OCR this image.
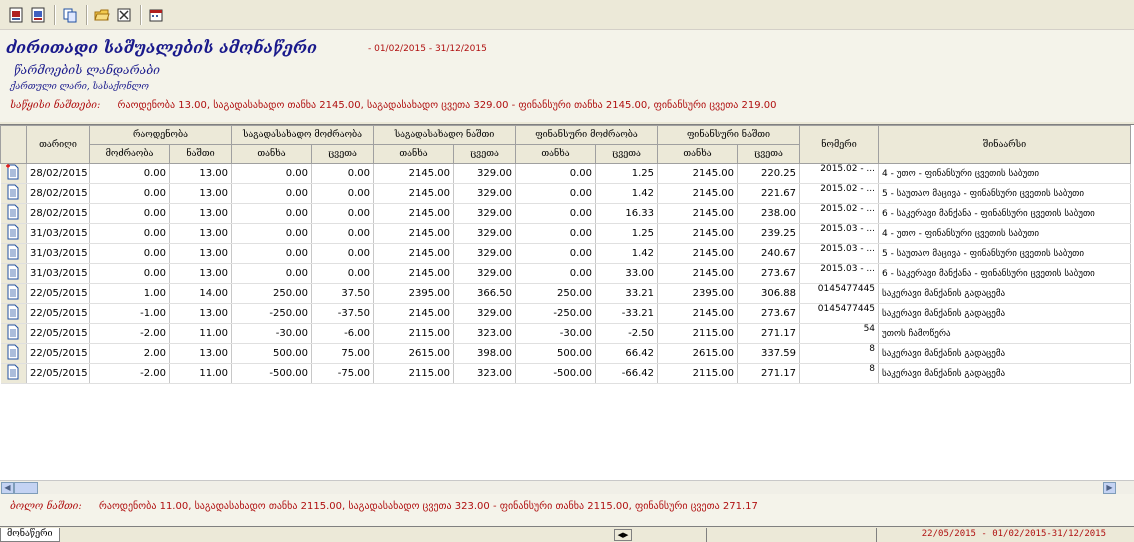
ძირითადი საშუალების ამონაწერი	- 01/02/2015 - 31/12/2015
წარმოების ლანდარაბი
ქართული ლარი, სასაქონლო
საწყისი ნაშთები: რაოდენობა 13.00, საგადასახადო თანხა 2145.00, საგადასახადო ცვეთა 329.00 - ფინანსური თანხა 2145.00, ფინანსური ცვეთა 219.00
	თარიღი	რაოდენობა		საგადასახადო მოძრაობა		საგადასახადო ნაშთი		ფინანსური მოძრაობა		ფინანსური ნაშთი		ნომერი	შინაარსი
		მოძრაობა	ნაშთი	თანხა	ცვეთა	თანხა	ცვეთა	თანხა	ცვეთა	თანხა	ცვეთა		
	28/02/2015	0.00	13.00	0.00	0.00	2145.00	329.00	0.00	1.25	2145.00	220.25	2015.02 - ...	4 - უთო - ფინანსური ცვეთის საბუთი
	28/02/2015	0.00	13.00	0.00	0.00	2145.00	329.00	0.00	1.42	2145.00	221.67	2015.02 - ...	5 - საუთაო მაცივა - ფინანსური ცვეთის საბუთი
	28/02/2015	0.00	13.00	0.00	0.00	2145.00	329.00	0.00	16.33	2145.00	238.00	2015.02 - ...	6 - საკერავი მანქანა - ფინანსური ცვეთის საბუთი
	31/03/2015	0.00	13.00	0.00	0.00	2145.00	329.00	0.00	1.25	2145.00	239.25	2015.03 - ...	4 - უთო - ფინანსური ცვეთის საბუთი
	31/03/2015	0.00	13.00	0.00	0.00	2145.00	329.00	0.00	1.42	2145.00	240.67	2015.03 - ...	5 - საუთაო მაცივა - ფინანსური ცვეთის საბუთი
	31/03/2015	0.00	13.00	0.00	0.00	2145.00	329.00	0.00	33.00	2145.00	273.67	2015.03 - ...	6 - საკერავი მანქანა - ფინანსური ცვეთის საბუთი
	22/05/2015	1.00	14.00	250.00	37.50	2395.00	366.50	250.00	33.21	2395.00	306.88	0145477445	საკერავი მანქანის გადაცემა
	22/05/2015	-1.00	13.00	-250.00	-37.50	2145.00	329.00	-250.00	-33.21	2145.00	273.67	0145477445	საკერავი მანქანის გადაცემა
	22/05/2015	-2.00	11.00	-30.00	-6.00	2115.00	323.00	-30.00	-2.50	2115.00	271.17	54	უთოს ჩამოწერა
	22/05/2015	2.00	13.00	500.00	75.00	2615.00	398.00	500.00	66.42	2615.00	337.59	8	საკერავი მანქანის გადაცემა
	22/05/2015	-2.00	11.00	-500.00	-75.00	2115.00	323.00	-500.00	-66.42	2115.00	271.17	8	საკერავი მანქანის გადაცემა
◀	▶
ბოლო ნაშთი: რაოდენობა 11.00, საგადასახადო თანხა 2115.00, საგადასახადო ცვეთა 323.00 - ფინანსური თანხა 2115.00, ფინანსური ცვეთა 271.17
მონაწერი	◀▶	22/05/2015 - 01/02/2015-31/12/2015
